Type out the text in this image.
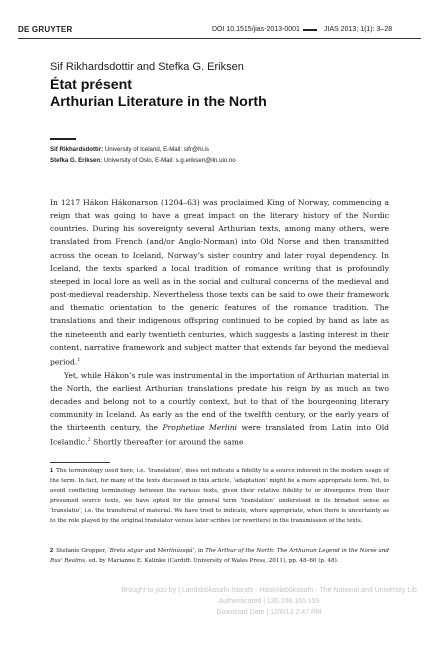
DE GRUYTER	DOI 10.1515/jias-2013-0001	JIAS 2013; 1(1): 3–28
Sif Rikhardsdottir and Stefka G. Eriksen
État présent
Arthurian Literature in the North
Sif Rikhardsdottir: University of Iceland, E-Mail: sifr@hi.is
Stefka G. Eriksen: University of Oslo, E-Mail: s.g.eriksen@iln.uio.no

In 1217 Hákon Hákonarson (1204–63) was proclaimed King of Norway, commencing a reign that was going to have a great impact on the literary history of the Nordic countries. During his sovereignty several Arthurian texts, among many others, were translated from French (and/or Anglo-Norman) into Old Norse and then transmitted across the ocean to Iceland, Norway’s sister country and later royal dependency. In Iceland, the texts sparked a local tradition of romance writing that is profoundly steeped in local lore as well as in the social and cultural concerns of the medieval and post-medieval readership. Nevertheless those texts can be said to owe their framework and thematic orientation to the generic features of the romance tradition. The translations and their indigenous offspring continued to be copied by hand as late as the nineteenth and early twentieth centuries, which suggests a lasting interest in their content, narrative framework and subject matter that extends far beyond the medieval period.$^1$

Yet, while Hákon’s rule was instrumental in the importation of Arthurian material in the North, the earliest Arthurian translations predate his reign by as much as two decades and belong not to a courtly context, but to that of the bourgeoning literary community in Iceland. As early as the end of the twelfth century, or the early years of the thirteenth century, the Prophetiae Merlini were translated from Latin into Old Icelandic.$^2$ Shortly thereafter (or around the same

1 The terminology used here, i.e. ‘translation’, does not indicate a fidelity to a source inherent in the modern usage of the term. In fact, for many of the texts discussed in this article, ‘adaptation’ might be a more appropriate term. Yet, to avoid conflicting terminology between the various texts, given their relative fidelity to or divergence from their presumed source texts, we have opted for the general term ‘translation’ understood in its broadest sense as ‘translatio’, i.e. the transferral of material. We have tried to indicate, where appropriate, when there is uncertainty as to the role played by the original translator versus later scribes (or rewriters) in the transmission of the texts.
2 Stefanie Gropper, ‘Breta sögur and Merlínússpá’, in The Arthur of the North: The Arthurian Legend in the Norse and Rus’ Realms, ed. by Marianne E. Kalinke (Cardiff: University of Wales Press, 2011), pp. 48–60 (p. 48).
Brought to you by | Landsbókasafn Íslands - Háskólabókasafn - The National and University Lib
Authenticated | 130.208.165.159
Download Date | 12/6/13 2:47 PM
